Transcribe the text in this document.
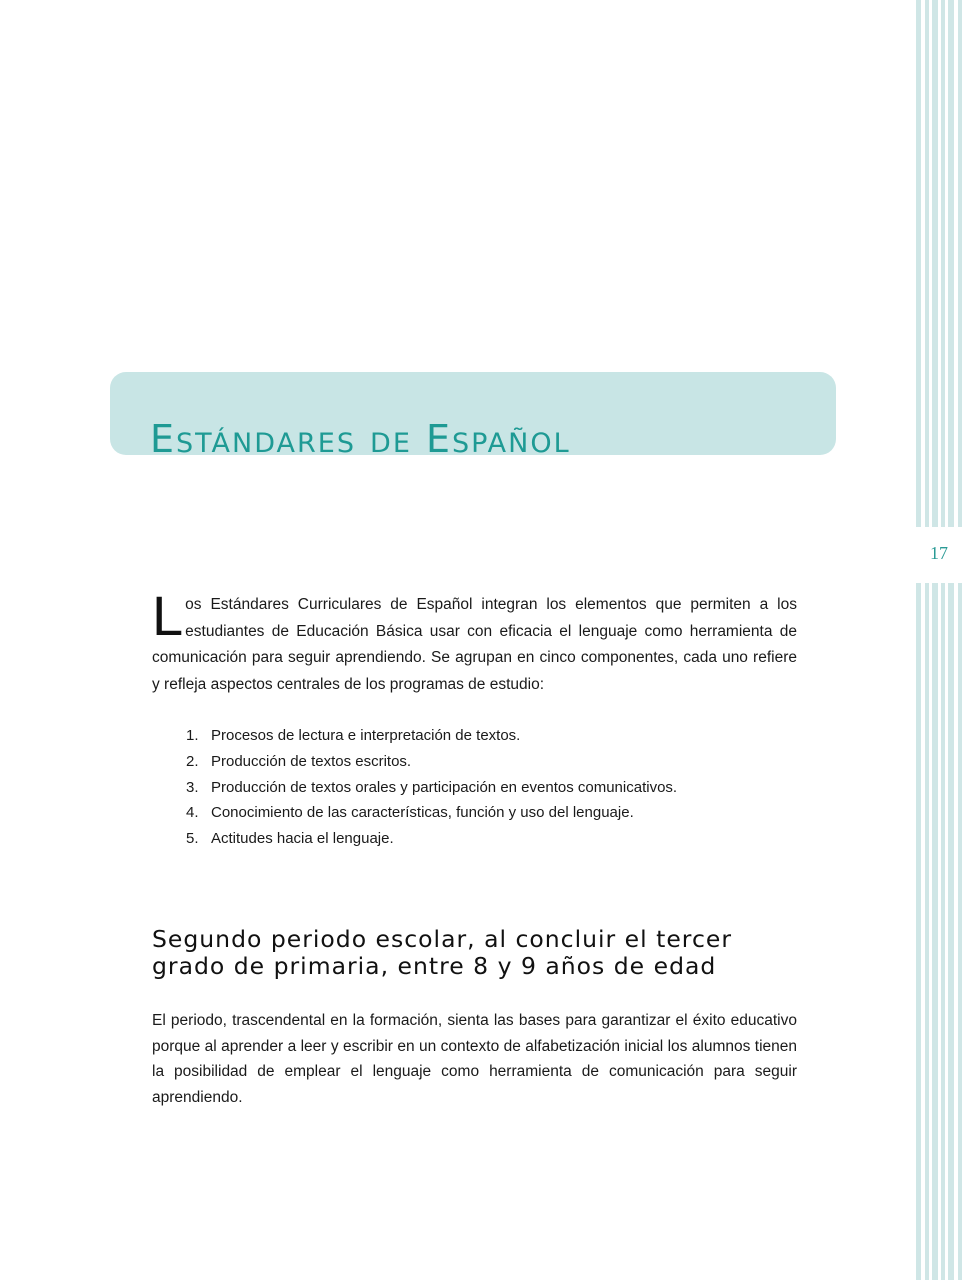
17
Estándares de Español
Los Estándares Curriculares de Español integran los elementos que permiten a los estudiantes de Educación Básica usar con eficacia el lenguaje como herramienta de comunicación para seguir aprendiendo. Se agrupan en cinco componentes, cada uno refiere y refleja aspectos centrales de los programas de estudio:
1. Procesos de lectura e interpretación de textos.
2. Producción de textos escritos.
3. Producción de textos orales y participación en eventos comunicativos.
4. Conocimiento de las características, función y uso del lenguaje.
5. Actitudes hacia el lenguaje.
Segundo periodo escolar, al concluir el tercer grado de primaria, entre 8 y 9 años de edad
El periodo, trascendental en la formación, sienta las bases para garantizar el éxito educativo porque al aprender a leer y escribir en un contexto de alfabetización inicial los alumnos tienen la posibilidad de emplear el lenguaje como herramienta de comunicación para seguir aprendiendo.
